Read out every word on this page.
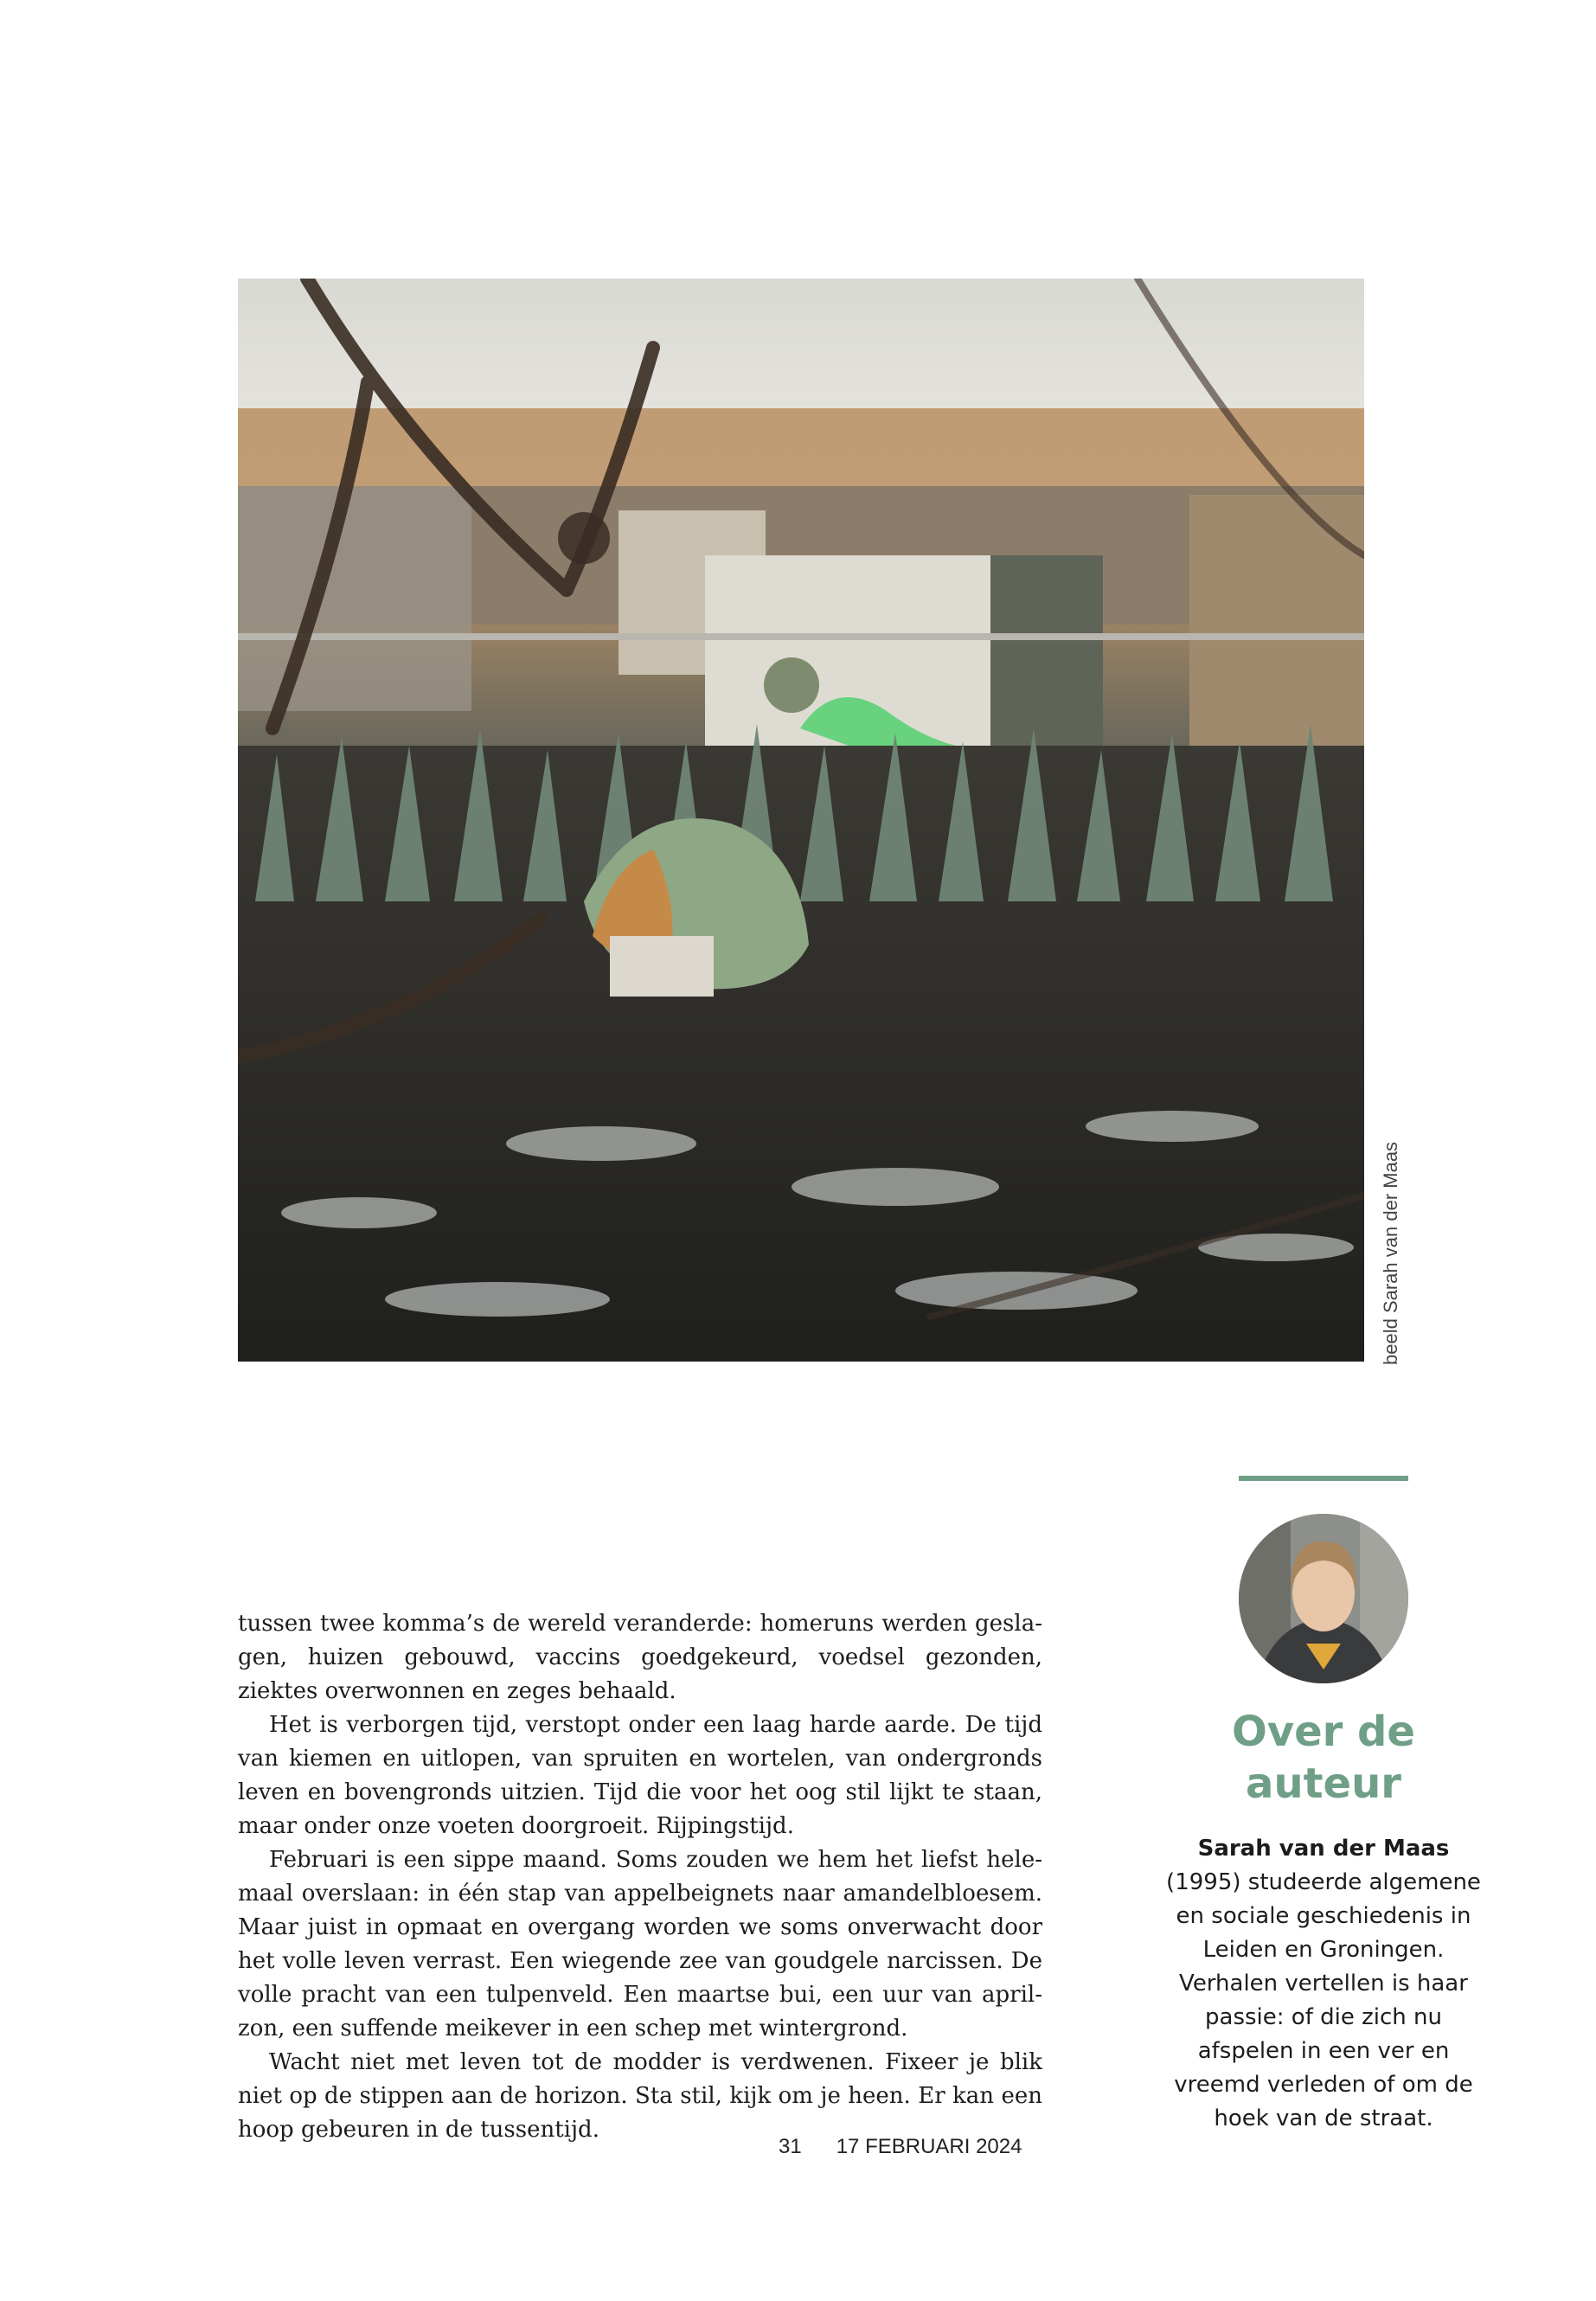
beeld Sarah van der Maas

tussen twee komma’s de wereld veranderde: homeruns werden gesla-gen, huizen gebouwd, vaccins goedgekeurd, voedsel gezonden, ziektes overwonnen en zeges behaald.

Het is verborgen tijd, verstopt onder een laag harde aarde. De tijd van kiemen en uitlopen, van spruiten en wortelen, van ondergronds leven en bovengronds uitzien. Tijd die voor het oog stil lijkt te staan, maar onder onze voeten doorgroeit. Rijpingstijd.

Februari is een sippe maand. Soms zouden we hem het liefst hele-maal overslaan: in één stap van appelbeignets naar amandelbloesem. Maar juist in opmaat en overgang worden we soms onverwacht door het volle leven verrast. Een wiegende zee van goudgele narcissen. De volle pracht van een tulpenveld. Een maartse bui, een uur van april-zon, een suffende meikever in een schep met wintergrond.

Wacht niet met leven tot de modder is verdwenen. Fixeer je blik niet op de stippen aan de horizon. Sta stil, kijk om je heen. Er kan een hoop gebeuren in de tussentijd.

Over de auteur

Sarah van der Maas (1995) studeerde algemene en sociale geschiedenis in Leiden en Groningen. Verhalen vertellen is haar passie: of die zich nu afspelen in een ver en vreemd verleden of om de hoek van de straat.

31 17 FEBRUARI 2024
